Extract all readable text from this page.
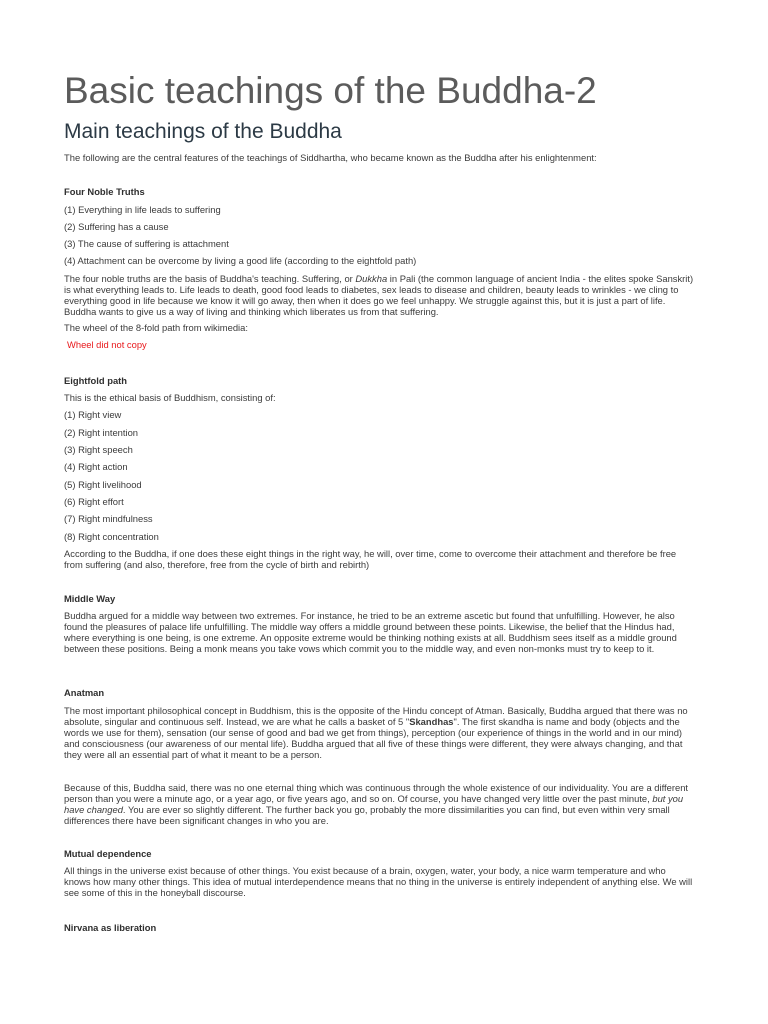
Basic teachings of the Buddha-2
Main teachings of the Buddha

The following are the central features of the teachings of Siddhartha, who became known as the Buddha after his enlightenment:

Four Noble Truths

(1) Everything in life leads to suffering

(2) Suffering has a cause

(3) The cause of suffering is attachment

(4) Attachment can be overcome by living a good life (according to the eightfold path)

The four noble truths are the basis of Buddha's teaching. Suffering, or Dukkha in Pali (the common language of ancient India - the elites spoke Sanskrit) is what everything leads to. Life leads to death, good food leads to diabetes, sex leads to disease and children, beauty leads to wrinkles - we cling to everything good in life because we know it will go away, then when it does go we feel unhappy. We struggle against this, but it is just a part of life. Buddha wants to give us a way of living and thinking which liberates us from that suffering.

The wheel of the 8-fold path from wikimedia:

Wheel did not copy

Eightfold path

This is the ethical basis of Buddhism, consisting of:

(1) Right view

(2) Right intention

(3) Right speech

(4) Right action

(5) Right livelihood

(6) Right effort

(7) Right mindfulness

(8) Right concentration

According to the Buddha, if one does these eight things in the right way, he will, over time, come to overcome their attachment and therefore be free from suffering (and also, therefore, free from the cycle of birth and rebirth)

Middle Way

Buddha argued for a middle way between two extremes. For instance, he tried to be an extreme ascetic but found that unfulfilling. However, he also found the pleasures of palace life unfulfilling. The middle way offers a middle ground between these points. Likewise, the belief that the Hindus had, where everything is one being, is one extreme. An opposite extreme would be thinking nothing exists at all. Buddhism sees itself as a middle ground between these positions. Being a monk means you take vows which commit you to the middle way, and even non-monks must try to keep to it.

Anatman

The most important philosophical concept in Buddhism, this is the opposite of the Hindu concept of Atman. Basically, Buddha argued that there was no absolute, singular and continuous self. Instead, we are what he calls a basket of 5 "Skandhas". The first skandha is name and body (objects and the words we use for them), sensation (our sense of good and bad we get from things), perception (our experience of things in the world and in our mind) and consciousness (our awareness of our mental life). Buddha argued that all five of these things were different, they were always changing, and that they were all an essential part of what it meant to be a person.

Because of this, Buddha said, there was no one eternal thing which was continuous through the whole existence of our individuality. You are a different person than you were a minute ago, or a year ago, or five years ago, and so on. Of course, you have changed very little over the past minute, but you have changed. You are ever so slightly different. The further back you go, probably the more dissimilarities you can find, but even within very small differences there have been significant changes in who you are.

Mutual dependence

All things in the universe exist because of other things. You exist because of a brain, oxygen, water, your body, a nice warm temperature and who knows how many other things. This idea of mutual interdependence means that no thing in the universe is entirely independent of anything else. We will see some of this in the honeyball discourse.

Nirvana as liberation
